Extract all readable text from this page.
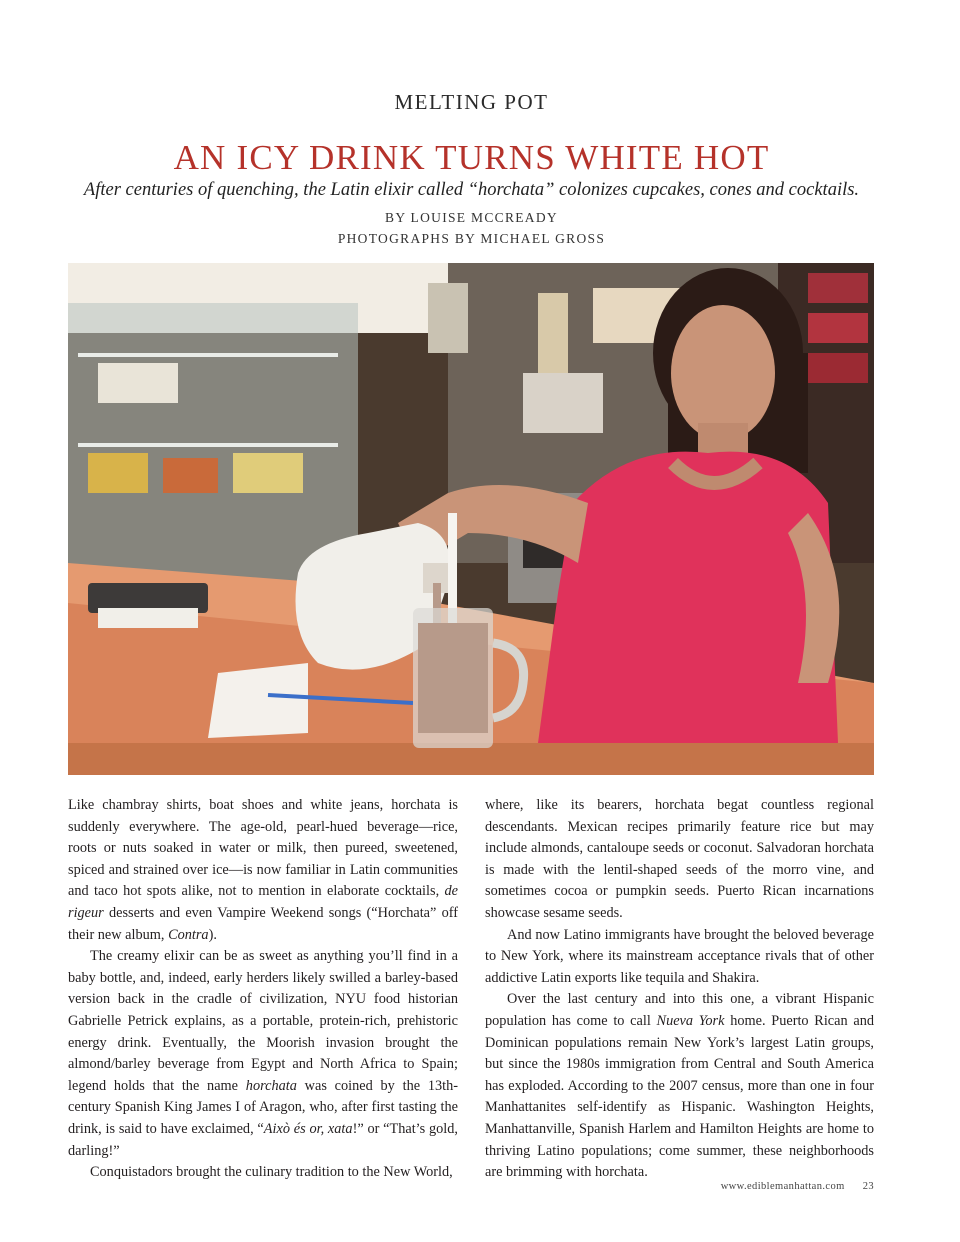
MELTING POT
AN ICY DRINK TURNS WHITE HOT
After centuries of quenching, the Latin elixir called “horchata” colonizes cupcakes, cones and cocktails.
BY LOUISE MCCREADY
PHOTOGRAPHS BY MICHAEL GROSS

Like chambray shirts, boat shoes and white jeans, horchata is suddenly everywhere. The age-old, pearl-hued beverage—rice, roots or nuts soaked in water or milk, then pureed, sweetened, spiced and strained over ice—is now familiar in Latin communities and taco hot spots alike, not to mention in elaborate cocktails, de rigeur desserts and even Vampire Weekend songs (“Horchata” off their new album, Contra).

The creamy elixir can be as sweet as anything you’ll find in a baby bottle, and, indeed, early herders likely swilled a barley-based version back in the cradle of civilization, NYU food historian Gabrielle Petrick explains, as a portable, protein-rich, prehistoric energy drink. Eventually, the Moorish invasion brought the almond/barley beverage from Egypt and North Africa to Spain; legend holds that the name horchata was coined by the 13th-century Spanish King James I of Aragon, who, after first tasting the drink, is said to have exclaimed, “Això és or, xata!” or “That’s gold, darling!”

Conquistadors brought the culinary tradition to the New World,

where, like its bearers, horchata begat countless regional descendants. Mexican recipes primarily feature rice but may include almonds, cantaloupe seeds or coconut. Salvadoran horchata is made with the lentil-shaped seeds of the morro vine, and sometimes cocoa or pumpkin seeds. Puerto Rican incarnations showcase sesame seeds.

And now Latino immigrants have brought the beloved beverage to New York, where its mainstream acceptance rivals that of other addictive Latin exports like tequila and Shakira.

Over the last century and into this one, a vibrant Hispanic population has come to call Nueva York home. Puerto Rican and Dominican populations remain New York’s largest Latin groups, but since the 1980s immigration from Central and South America has exploded. According to the 2007 census, more than one in four Manhattanites self-identify as Hispanic. Washington Heights, Manhattanville, Spanish Harlem and Hamilton Heights are home to thriving Latino populations; come summer, these neighborhoods are brimming with horchata.

www.ediblemanhattan.com 23
